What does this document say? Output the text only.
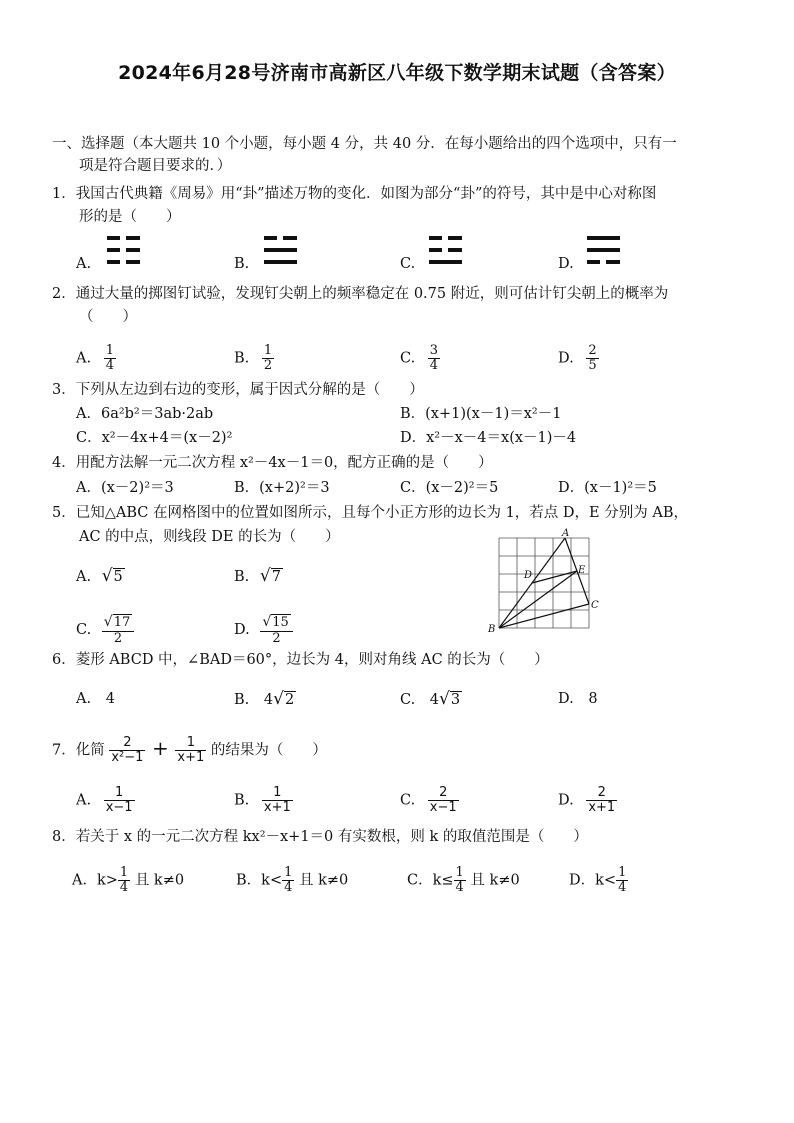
2024年6月28号济南市高新区八年级下数学期末试题（含答案）
一、选择题（本大题共 10 个小题，每小题 4 分，共 40 分．在每小题给出的四个选项中，只有一
项是符合题目要求的．）
1．我国古代典籍《周易》用“卦”描述万物的变化．如图为部分“卦”的符号，其中是中心对称图
形的是（　　）
A.	B.	C.	D.
2．通过大量的掷图钉试验，发现钉尖朝上的频率稳定在 0.75 附近，则可估计钉尖朝上的概率为
（　　）
A. $\frac{1}{4}$	B. $\frac{1}{2}$	C. $\frac{3}{4}$	D. $\frac{2}{5}$
3．下列从左边到右边的变形，属于因式分解的是（　　）
A．6a²b²＝3ab·2ab	B．(x+1)(x－1)＝x²－1
C．x²－4x+4＝(x－2)²	D．x²－x－4＝x(x－1)－4
4．用配方法解一元二次方程 x²－4x－1＝0，配方正确的是（　　）
A．(x－2)²＝3	B．(x+2)²＝3	C．(x－2)²＝5	D．(x－1)²＝5
5．已知△ABC 在网格图中的位置如图所示，且每个小正方形的边长为 1，若点 D，E 分别为 AB，
AC 的中点，则线段 DE 的长为（　　）
A. √5	B. √7
C. $\frac{√17}{2}$	D. $\frac{√15}{2}$
A
B
C
D	E
6．菱形 ABCD 中，∠BAD＝60°，边长为 4，则对角线 AC 的长为（　　）
A. 4	B. 4√2	C. 4√3	D. 8
7．化简 $\frac{2}{\text{x²−1}} + \frac{1}{x+1}$ 的结果为（　　）
A. $\frac{1}{x-1}$	B. $\frac{1}{x+1}$	C. $\frac{2}{x-1}$	D. $\frac{2}{x+1}$
8．若关于 x 的一元二次方程 kx²－x+1＝0 有实数根，则 k 的取值范围是（　　）
A．$k> \frac{1}{4}$ 且 k≠0	B．$k< \frac{1}{4}$ 且 k≠0	C．$k\le \frac{1}{4}$ 且 k≠0	D．$k< \frac{1}{4}$
